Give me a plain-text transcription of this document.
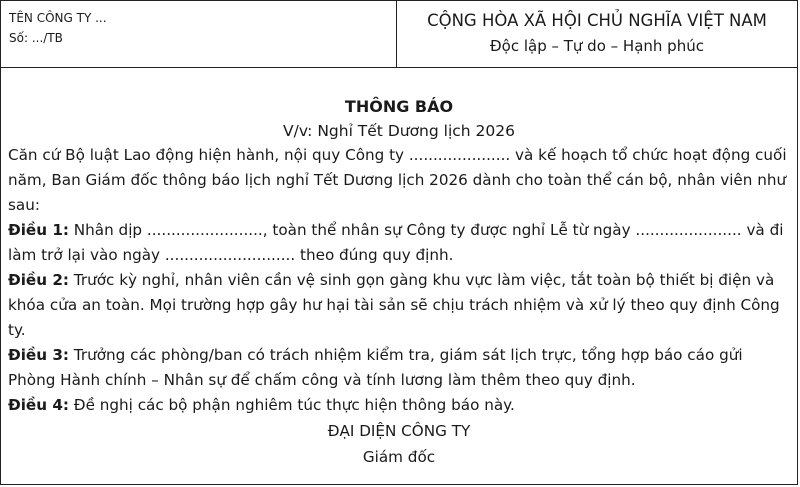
TÊN CÔNG TY ...
Số: .../TB
CỘNG HÒA XÃ HỘI CHỦ NGHĨA VIỆT NAM
Độc lập – Tự do – Hạnh phúc
THÔNG BÁO
V/v: Nghỉ Tết Dương lịch 2026

Căn cứ Bộ luật Lao động hiện hành, nội quy Công ty ..................... và kế hoạch tổ chức hoạt động cuối năm, Ban Giám đốc thông báo lịch nghỉ Tết Dương lịch 2026 dành cho toàn thể cán bộ, nhân viên như sau:

Điều 1: Nhân dịp ........................, toàn thể nhân sự Công ty được nghỉ Lễ từ ngày ...................... và đi làm trở lại vào ngày ........................... theo đúng quy định.

Điều 2: Trước kỳ nghỉ, nhân viên cần vệ sinh gọn gàng khu vực làm việc, tắt toàn bộ thiết bị điện và khóa cửa an toàn. Mọi trường hợp gây hư hại tài sản sẽ chịu trách nhiệm và xử lý theo quy định Công ty.

Điều 3: Trưởng các phòng/ban có trách nhiệm kiểm tra, giám sát lịch trực, tổng hợp báo cáo gửi Phòng Hành chính – Nhân sự để chấm công và tính lương làm thêm theo quy định.

Điều 4: Đề nghị các bộ phận nghiêm túc thực hiện thông báo này.

ĐẠI DIỆN CÔNG TY
Giám đốc
